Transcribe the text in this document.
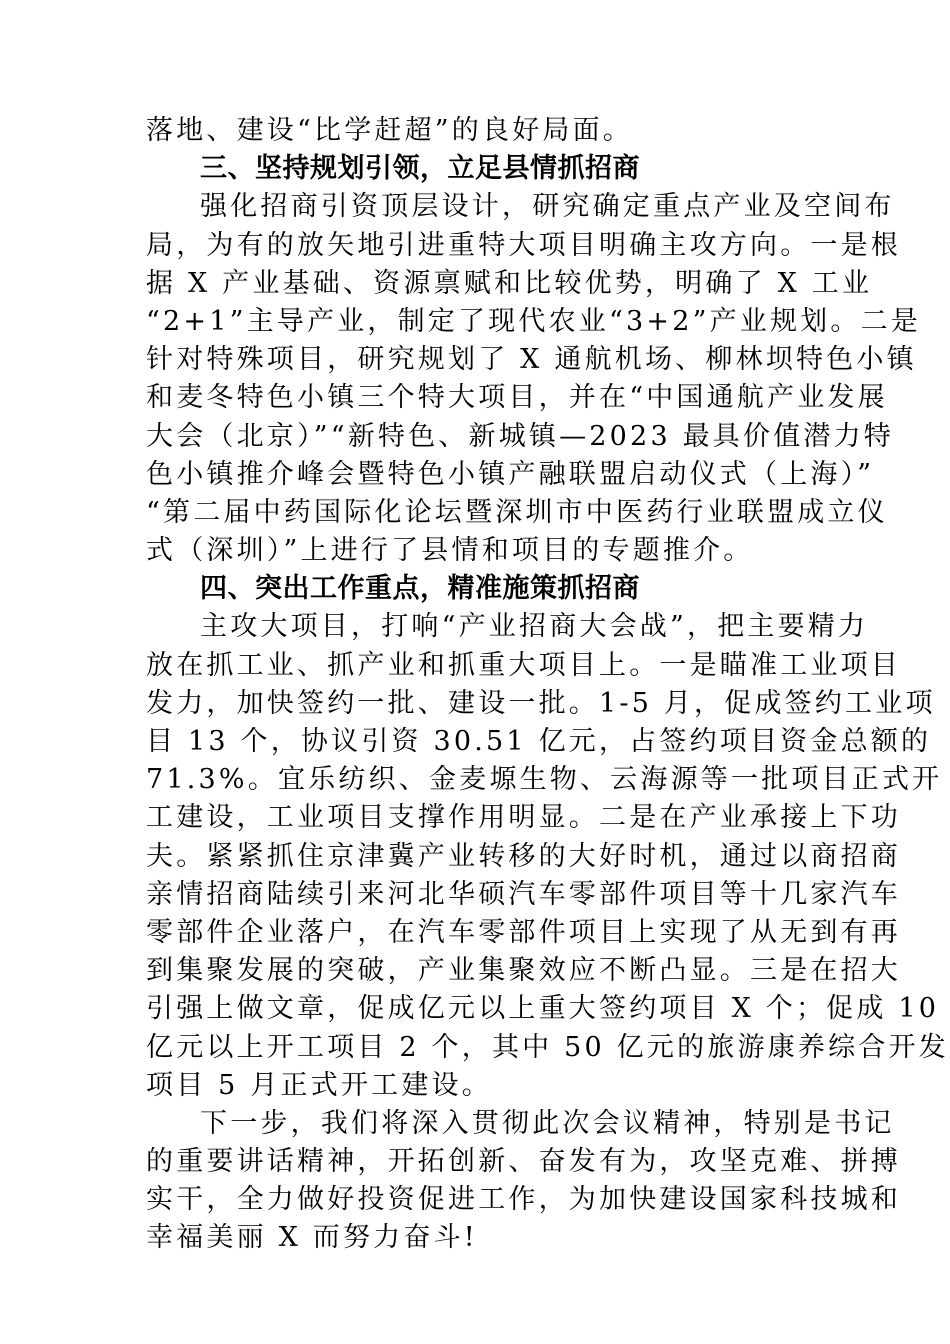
落地、建设“比学赶超”的良好局面。
三、坚持规划引领，立足县情抓招商
强化招商引资顶层设计，研究确定重点产业及空间布
局，为有的放矢地引进重特大项目明确主攻方向。一是根
据 X 产业基础、资源禀赋和比较优势，明确了 X 工业
“2+1”主导产业，制定了现代农业“3+2”产业规划。二是
针对特殊项目，研究规划了 X 通航机场、柳林坝特色小镇
和麦冬特色小镇三个特大项目，并在“中国通航产业发展
大会（北京）”“新特色、新城镇—2023 最具价值潜力特
色小镇推介峰会暨特色小镇产融联盟启动仪式（上海）”
“第二届中药国际化论坛暨深圳市中医药行业联盟成立仪
式（深圳）”上进行了县情和项目的专题推介。
四、突出工作重点，精准施策抓招商
主攻大项目，打响“产业招商大会战”，把主要精力
放在抓工业、抓产业和抓重大项目上。一是瞄准工业项目
发力，加快签约一批、建设一批。1-5 月，促成签约工业项
目 13 个，协议引资 30.51 亿元，占签约项目资金总额的
71.3%。宜乐纺织、金麦塬生物、云海源等一批项目正式开
工建设，工业项目支撑作用明显。二是在产业承接上下功
夫。紧紧抓住京津冀产业转移的大好时机，通过以商招商
亲情招商陆续引来河北华硕汽车零部件项目等十几家汽车
零部件企业落户，在汽车零部件项目上实现了从无到有再
到集聚发展的突破，产业集聚效应不断凸显。三是在招大
引强上做文章，促成亿元以上重大签约项目 X 个；促成 10
亿元以上开工项目 2 个，其中 50 亿元的旅游康养综合开发
项目 5 月正式开工建设。
下一步，我们将深入贯彻此次会议精神，特别是书记
的重要讲话精神，开拓创新、奋发有为，攻坚克难、拼搏
实干，全力做好投资促进工作，为加快建设国家科技城和
幸福美丽 X 而努力奋斗!
